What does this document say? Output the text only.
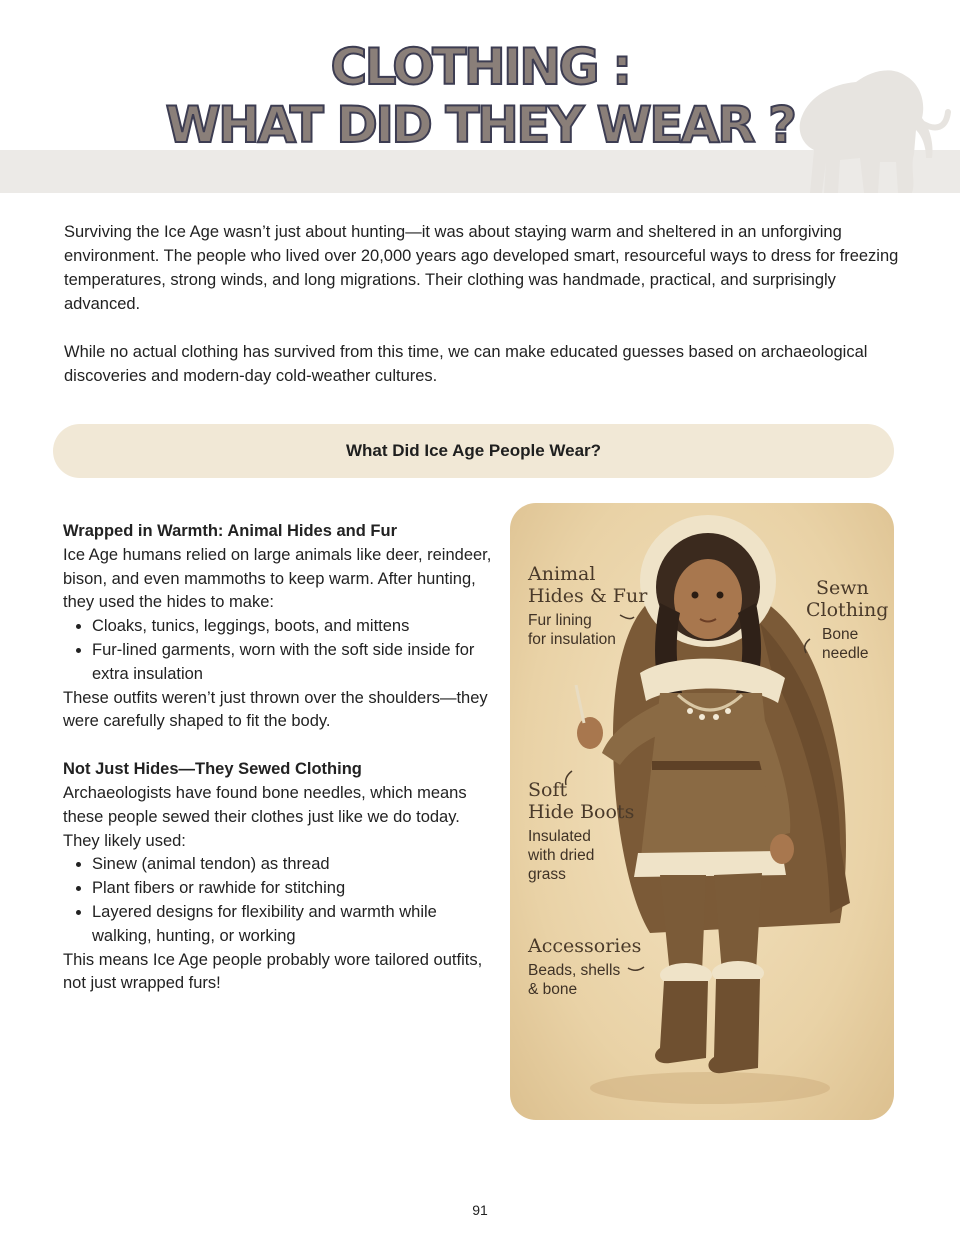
CLOTHING :
WHAT DID THEY WEAR ?

Surviving the Ice Age wasn’t just about hunting—it was about staying warm and sheltered in an unforgiving environment. The people who lived over 20,000 years ago developed smart, resourceful ways to dress for freezing temperatures, strong winds, and long migrations. Their clothing was handmade, practical, and surprisingly advanced.

While no actual clothing has survived from this time, we can make educated guesses based on archaeological discoveries and modern-day cold-weather cultures.

What Did Ice Age People Wear?
Wrapped in Warmth: Animal Hides and Fur

Ice Age humans relied on large animals like deer, reindeer, bison, and even mammoths to keep warm. After hunting, they used the hides to make:

• Cloaks, tunics, leggings, boots, and mittens
• Fur-lined garments, worn with the soft side inside for extra insulation

These outfits weren’t just thrown over the shoulders—they were carefully shaped to fit the body.

Not Just Hides—They Sewed Clothing

Archaeologists have found bone needles, which means these people sewed their clothes just like we do today. They likely used:

• Sinew (animal tendon) as thread
• Plant fibers or rawhide for stitching
• Layered designs for flexibility and warmth while walking, hunting, or working

This means Ice Age people probably wore tailored outfits, not just wrapped furs!

Animal
Hides & Fur
Fur lining
for insulation
Sewn
Clothing
Bone
needle
Soft
Hide Boots
Insulated
with dried
grass
Accessories
Beads, shells
& bone
91
